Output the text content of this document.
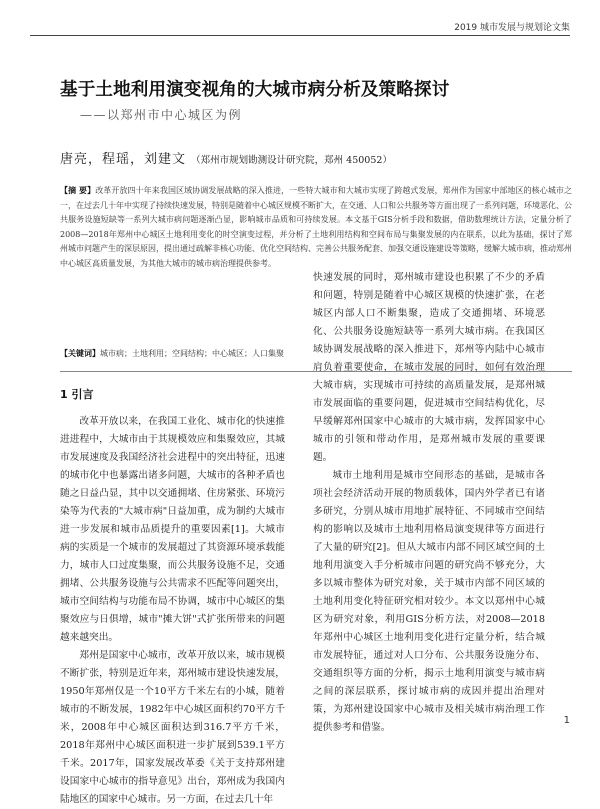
2019 城市发展与规划论文集
基于土地利用演变视角的大城市病分析及策略探讨
——以郑州市中心城区为例
唐亮，程瑶，刘建文 （郑州市规划勘测设计研究院，郑州 450052）
【摘 要】改革开放四十年来我国区域协调发展战略的深入推进，一些特大城市和大城市实现了跨越式发展，郑州作为国家中部地区的核心城市之一，在过去几十年中实现了持续快速发展，特别是随着中心城区规模不断扩大，在交通、人口和公共服务等方面出现了一系列问题，环境恶化、公共服务设施短缺等一系列大城市病问题逐渐凸显，影响城市品质和可持续发展。本文基于GIS分析手段和数据，借助数理统计方法，定量分析了2008—2018年郑州中心城区土地利用变化的时空演变过程，并分析了土地利用结构和空间布局与集聚发展的内在联系，以此为基础，探讨了郑州城市问题产生的深层原因，提出通过疏解非核心功能、优化空间结构、完善公共服务配套、加强交通设施建设等策略，缓解大城市病，推动郑州中心城区高质量发展，为其他大城市的城市病治理提供参考。
【关键词】城市病；土地利用；空间结构；中心城区；人口集聚
1 引言

改革开放以来，在我国工业化、城市化的快速推进进程中，大城市由于其规模效应和集聚效应，其城市发展速度及我国经济社会进程中的突出特征，迅速的城市化中也暴露出诸多问题，大城市的各种矛盾也随之日益凸显，其中以交通拥堵、住房紧张、环境污染等为代表的"大城市病"日益加重，成为制约大城市进一步发展和城市品质提升的重要因素[1]。大城市病的实质是一个城市的发展超过了其资源环境承载能力，城市人口过度集聚，而公共服务设施不足，交通拥堵、公共服务设施与公共需求不匹配等问题突出，城市空间结构与功能布局不协调，城市中心城区的集聚效应与日俱增，城市"摊大饼"式扩张所带来的问题越来越突出。

郑州是国家中心城市，改革开放以来，城市规模不断扩张，特别是近年来，郑州城市建设快速发展，1950年郑州仅是一个10平方千米左右的小城，随着城市的不断发展，1982年中心城区面积约70平方千米，2008年中心城区面积达到316.7平方千米，2018年郑州中心城区面积进一步扩展到539.1平方千米。2017年，国家发展改革委《关于支持郑州建设国家中心城市的指导意见》出台，郑州成为我国内陆地区的国家中心城市。另一方面，在过去几十年

快速发展的同时，郑州城市建设也积累了不少的矛盾和问题，特别是随着中心城区规模的快速扩张，在老城区内部人口不断集聚，造成了交通拥堵、环境恶化、公共服务设施短缺等一系列大城市病。在我国区域协调发展战略的深入推进下，郑州等内陆中心城市肩负着重要使命，在城市发展的同时，如何有效治理大城市病，实现城市可持续的高质量发展，是郑州城市发展面临的重要问题，促进城市空间结构优化，尽早缓解郑州国家中心城市的大城市病，发挥国家中心城市的引领和带动作用，是郑州城市发展的重要课题。

城市土地利用是城市空间形态的基础，是城市各项社会经济活动开展的物质载体，国内外学者已有诸多研究，分别从城市用地扩展特征、不同城市空间结构的影响以及城市土地利用格局演变规律等方面进行了大量的研究[2]。但从大城市内部不同区域空间的土地利用演变入手分析城市问题的研究尚不够充分，大多以城市整体为研究对象，关于城市内部不同区域的土地利用变化特征研究相对较少。本文以郑州中心城区为研究对象，利用GIS分析方法，对2008—2018年郑州中心城区土地利用变化进行定量分析，结合城市发展特征，通过对人口分布、公共服务设施分布、交通组织等方面的分析，揭示土地利用演变与城市病之间的深层联系，探讨城市病的成因并提出治理对策，为郑州建设国家中心城市及相关城市病治理工作提供参考和借鉴。

1
